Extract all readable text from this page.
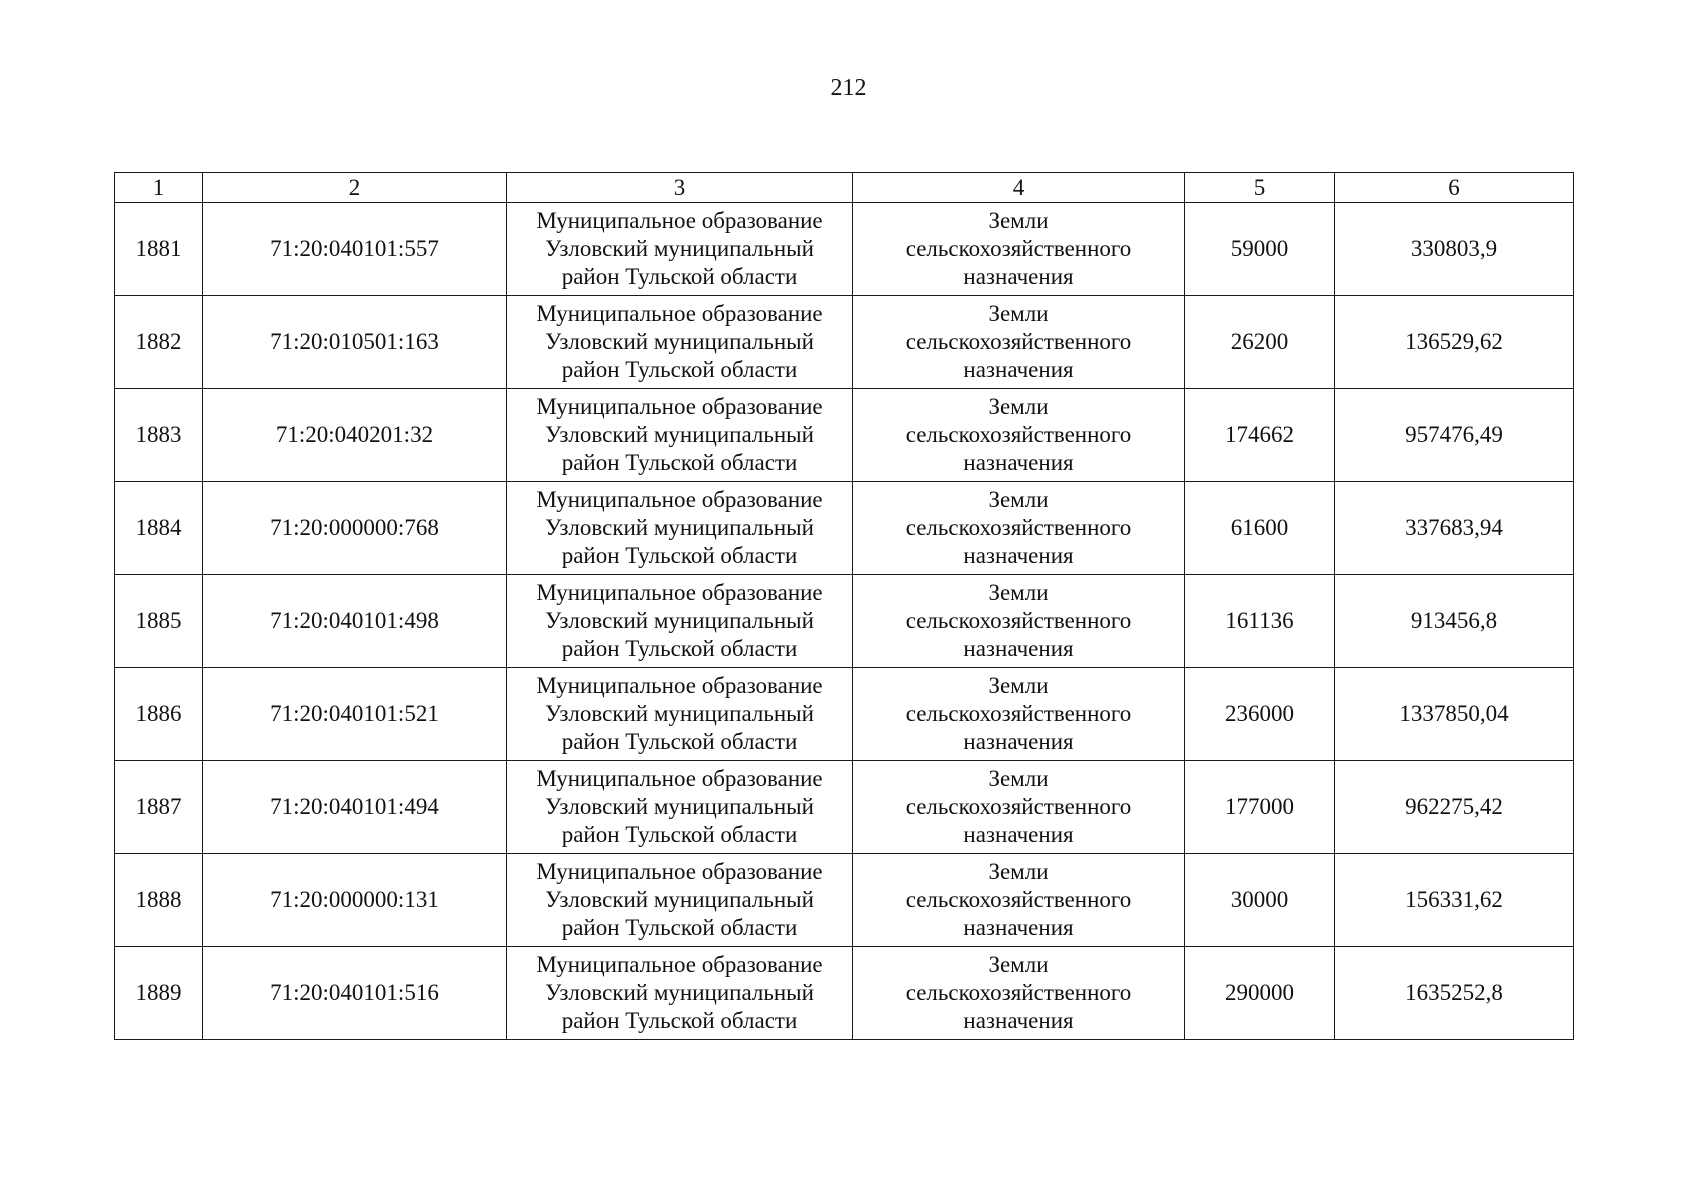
212
1	2	3	4	5	6
1881	71:20:040101:557	Муниципальное образование
Узловский муниципальный
район Тульской области	Земли
сельскохозяйственного
назначения	59000	330803,9
1882	71:20:010501:163	Муниципальное образование
Узловский муниципальный
район Тульской области	Земли
сельскохозяйственного
назначения	26200	136529,62
1883	71:20:040201:32	Муниципальное образование
Узловский муниципальный
район Тульской области	Земли
сельскохозяйственного
назначения	174662	957476,49
1884	71:20:000000:768	Муниципальное образование
Узловский муниципальный
район Тульской области	Земли
сельскохозяйственного
назначения	61600	337683,94
1885	71:20:040101:498	Муниципальное образование
Узловский муниципальный
район Тульской области	Земли
сельскохозяйственного
назначения	161136	913456,8
1886	71:20:040101:521	Муниципальное образование
Узловский муниципальный
район Тульской области	Земли
сельскохозяйственного
назначения	236000	1337850,04
1887	71:20:040101:494	Муниципальное образование
Узловский муниципальный
район Тульской области	Земли
сельскохозяйственного
назначения	177000	962275,42
1888	71:20:000000:131	Муниципальное образование
Узловский муниципальный
район Тульской области	Земли
сельскохозяйственного
назначения	30000	156331,62
1889	71:20:040101:516	Муниципальное образование
Узловский муниципальный
район Тульской области	Земли
сельскохозяйственного
назначения	290000	1635252,8
